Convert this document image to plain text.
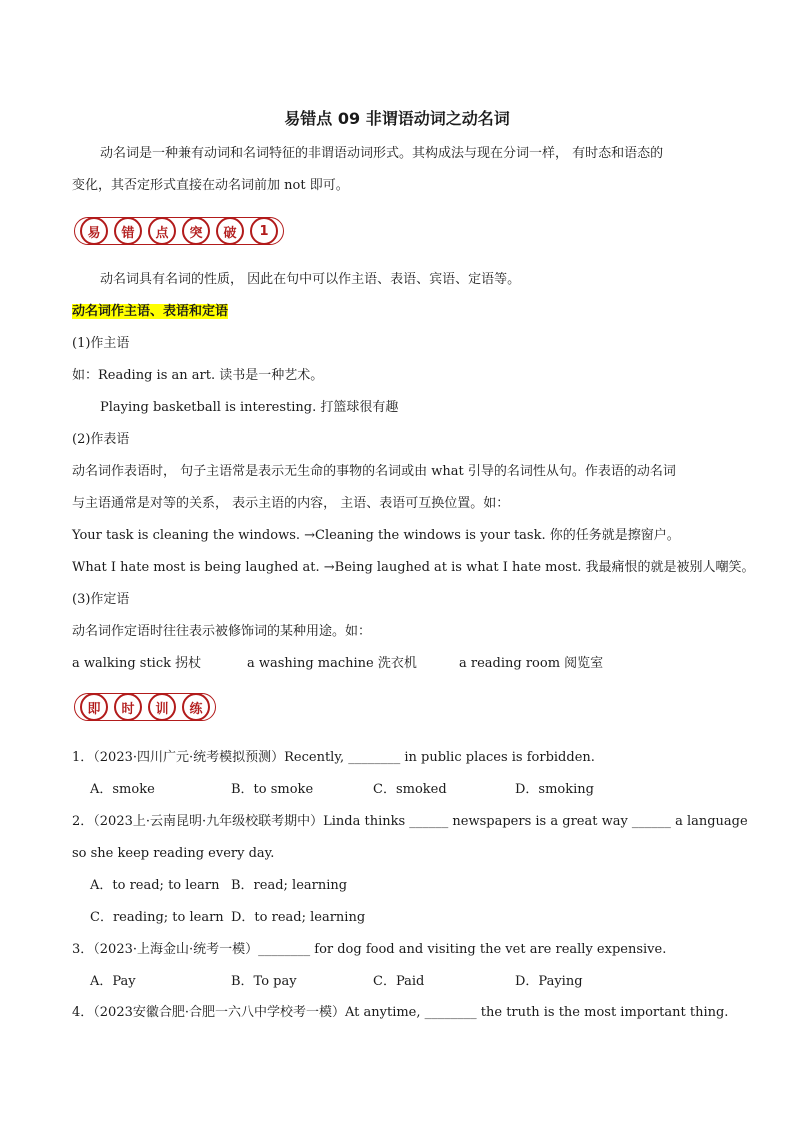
易错点 09 非谓语动词之动名词
动名词是一种兼有动词和名词特征的非谓语动词形式。其构成法与现在分词一样， 有时态和语态的
变化，其否定形式直接在动名词前加 not 即可。
易	错	点	突	破	1
动名词具有名词的性质， 因此在句中可以作主语、表语、宾语、定语等。
动名词作主语、表语和定语
(1)作主语
如：Reading is an art. 读书是一种艺术。
Playing basketball is interesting. 打篮球很有趣
(2)作表语
动名词作表语时， 句子主语常是表示无生命的事物的名词或由 what 引导的名词性从句。作表语的动名词
与主语通常是对等的关系， 表示主语的内容， 主语、表语可互换位置。如：
Your task is cleaning the windows. →Cleaning the windows is your task. 你的任务就是擦窗户。
What I hate most is being laughed at. →Being laughed at is what I hate most. 我最痛恨的就是被别人嘲笑。
(3)作定语
动名词作定语时往往表示被修饰词的某种用途。如：
a walking stick 拐杖	a washing machine 洗衣机	a reading room 阅览室
即	时	训	练
1．（2023·四川广元·统考模拟预测）Recently, ________ in public places is forbidden.
A．smoke	B．to smoke	C．smoked	D．smoking
2．（2023上·云南昆明·九年级校联考期中）Linda thinks ______ newspapers is a great way ______ a language
so she keep reading every day.
A．to read; to learn B．read; learning
C．reading; to learn D．to read; learning
3．（2023·上海金山·统考一模）________ for dog food and visiting the vet are really expensive.
A．Pay	B．To pay	C．Paid	D．Paying
4．（2023安徽合肥·合肥一六八中学校考一模）At anytime, ________ the truth is the most important thing.
